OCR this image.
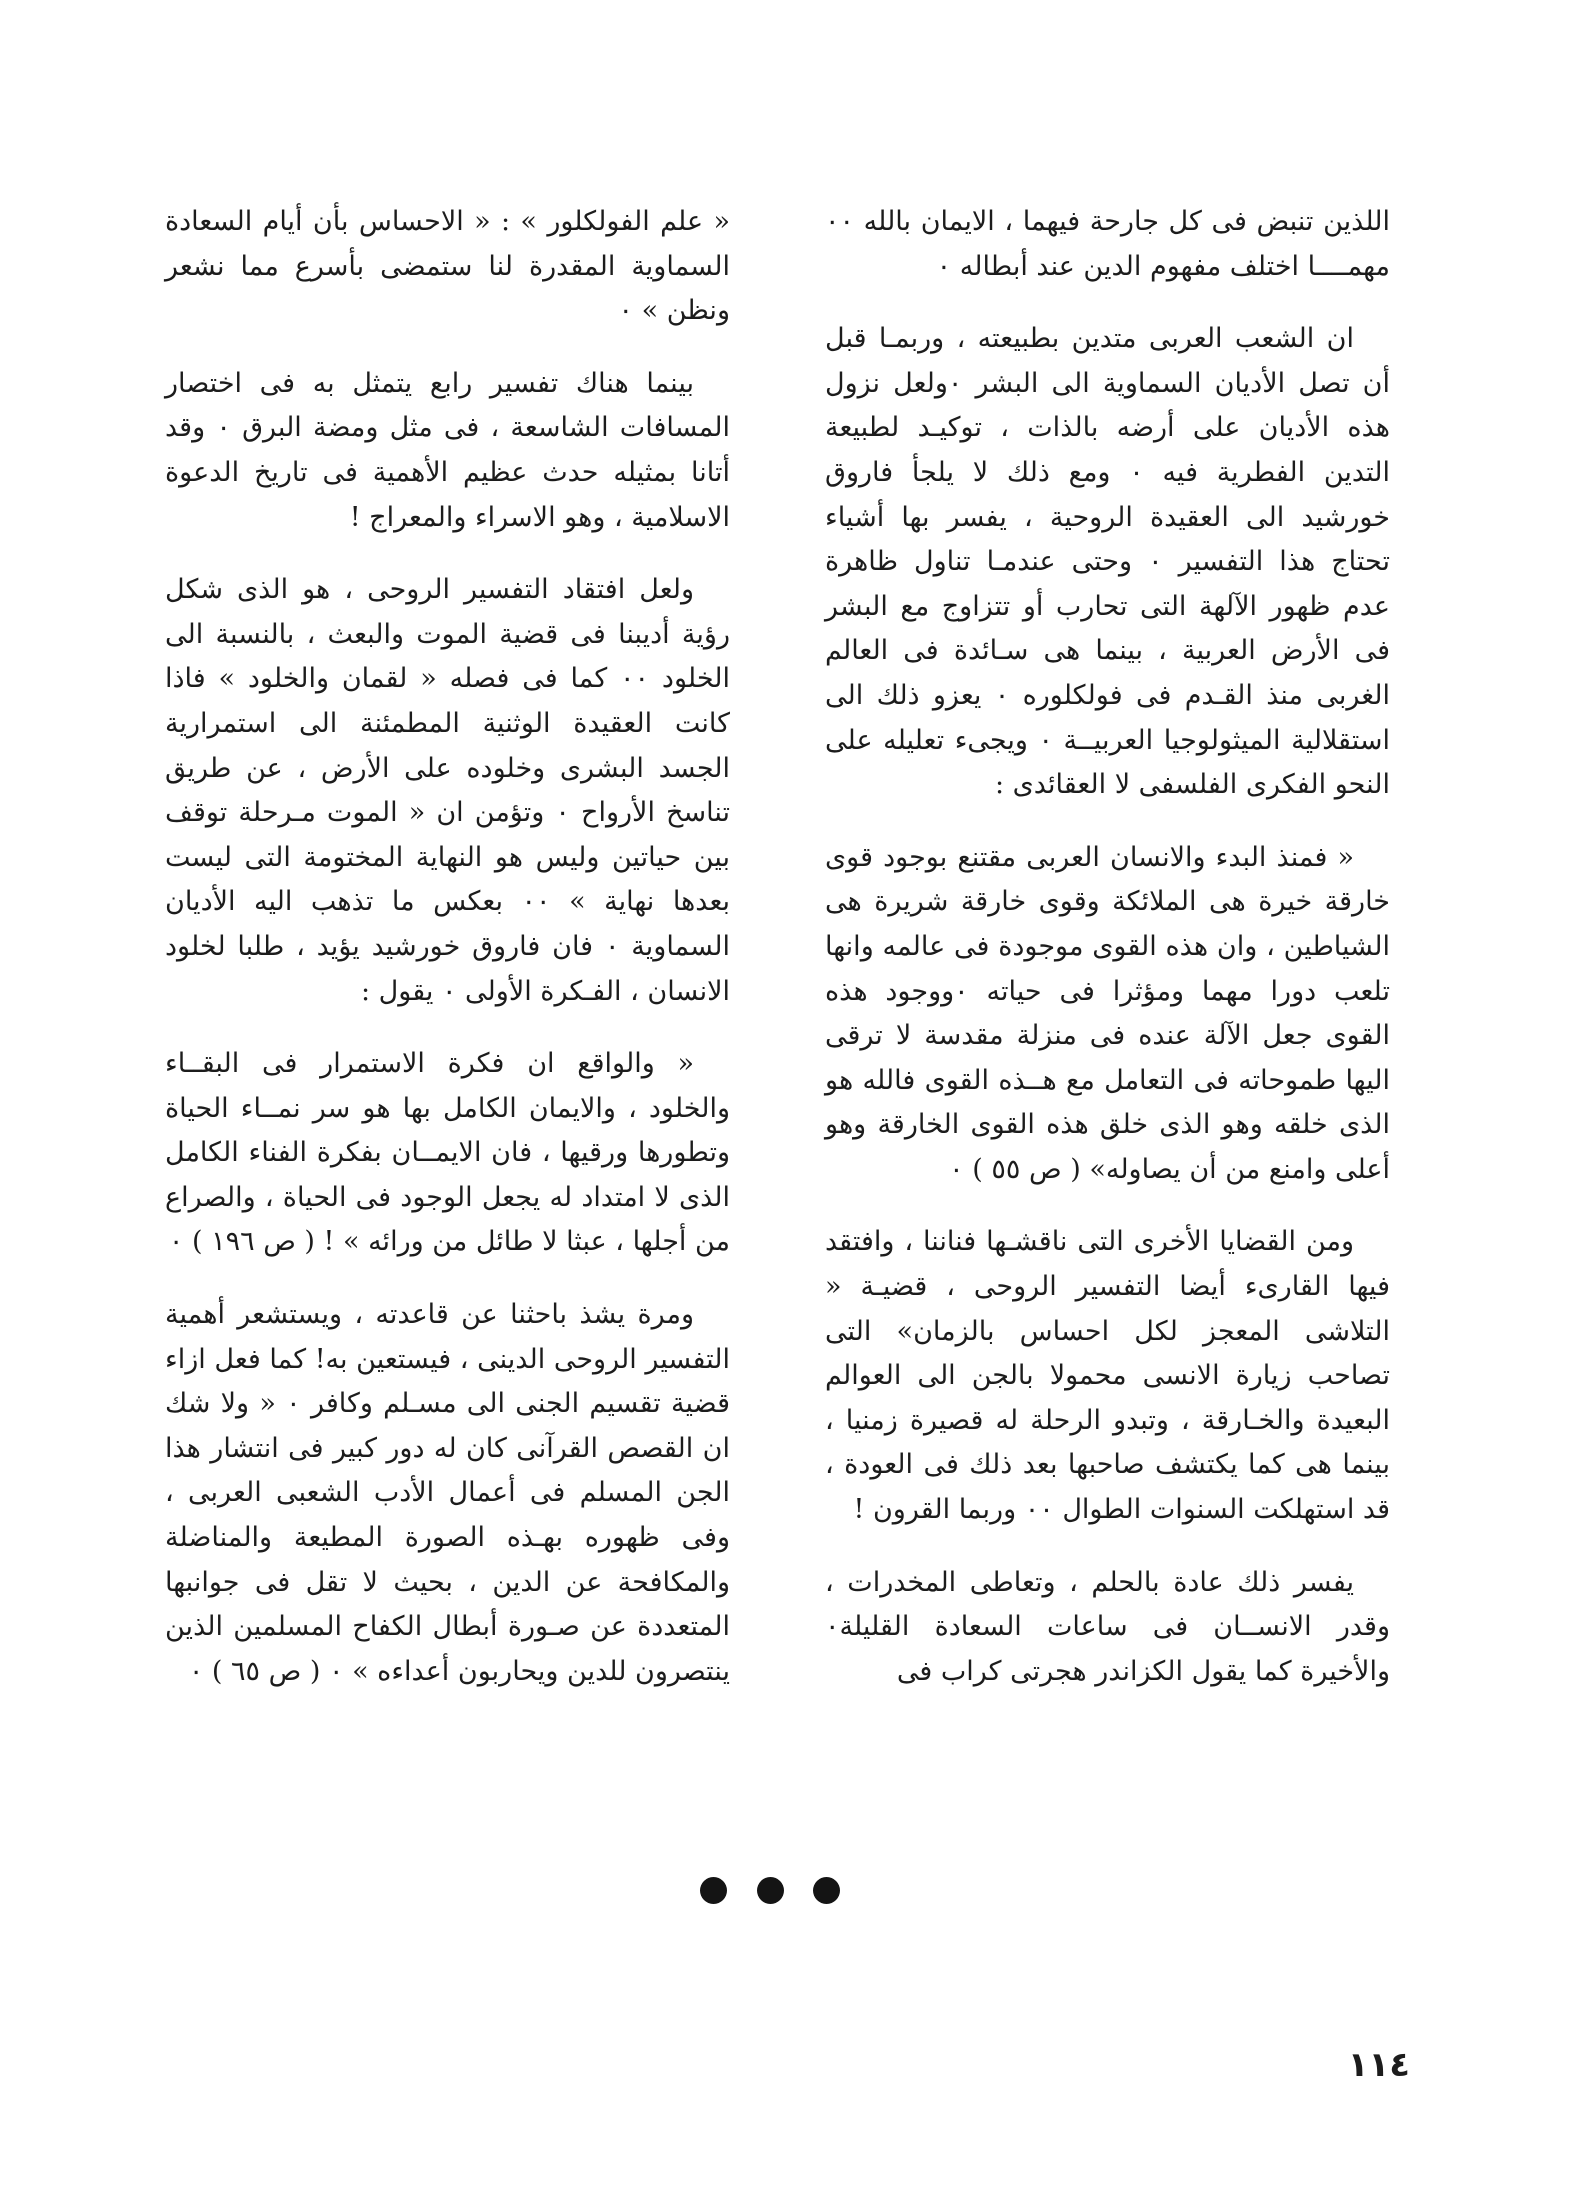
اللذين تنبض فى كل جارحة فيهما ، الايمان بالله ٠٠ مهمــــا اختلف مفهوم الدين عند أبطاله ٠

ان الشعب العربى متدين بطبيعته ، وربمـا قبل أن تصل الأديان السماوية الى البشر ٠ولعل نزول هذه الأديان على أرضه بالذات ، توكيـد لطبيعة التدين الفطرية فيه ٠ ومع ذلك لا يلجأ فاروق خورشيد الى العقيدة الروحية ، يفسر بها أشياء تحتاج هذا التفسير ٠ وحتى عندمـا تناول ظاهرة عدم ظهور الآلهة التى تحارب أو تتزاوج مع البشر فى الأرض العربية ، بينما هى سـائدة فى العالم الغربى منذ القـدم فى فولكلوره ٠ يعزو ذلك الى استقلالية الميثولوجيا العربيــة ٠ ويجىء تعليله على النحو الفكرى الفلسفى لا العقائدى :

« فمنذ البدء والانسان العربى مقتنع بوجود قوى خارقة خيرة هى الملائكة وقوى خارقة شريرة هى الشياطين ، وان هذه القوى موجودة فى عالمه وانها تلعب دورا مهما ومؤثرا فى حياته ٠ووجود هذه القوى جعل الآلة عنده فى منزلة مقدسة لا ترقى اليها طموحاته فى التعامل مع هــذه القوى فالله هو الذى خلقه وهو الذى خلق هذه القوى الخارقة وهو أعلى وامنع من أن يصاوله» ( ص ٥٥ ) ٠

ومن القضايا الأخرى التى ناقشـها فناننا ، وافتقد فيها القارىء أيضا التفسير الروحى ، قضيـة « التلاشى المعجز لكل احساس بالزمان» التى تصاحب زيارة الانسى محمولا بالجن الى العوالم البعيدة والخـارقة ، وتبدو الرحلة له قصيرة زمنيا ، بينما هى كما يكتشف صاحبها بعد ذلك فى العودة ، قد استهلكت السنوات الطوال ٠٠ وربما القرون !

يفسر ذلك عادة بالحلم ، وتعاطى المخدرات ، وقدر الانســان فى ساعات السعادة القليلة٠ والأخيرة كما يقول الكزاندر هجرتى كراب فى

« علم الفولكلور » : « الاحساس بأن أيام السعادة السماوية المقدرة لنا ستمضى بأسرع مما نشعر ونظن » ٠

بينما هناك تفسير رابع يتمثل به فى اختصار المسافات الشاسعة ، فى مثل ومضة البرق ٠ وقد أتانا بمثيله حدث عظيم الأهمية فى تاريخ الدعوة الاسلامية ، وهو الاسراء والمعراج !

ولعل افتقاد التفسير الروحى ، هو الذى شكل رؤية أديبنا فى قضية الموت والبعث ، بالنسبة الى الخلود ٠٠ كما فى فصله « لقمان والخلود » فاذا كانت العقيدة الوثنية المطمئنة الى استمرارية الجسد البشرى وخلوده على الأرض ، عن طريق تناسخ الأرواح ٠ وتؤمن ان « الموت مـرحلة توقف بين حياتين وليس هو النهاية المختومة التى ليست بعدها نهاية » ٠٠ بعكس ما تذهب اليه الأديان السماوية ٠ فان فاروق خورشيد يؤيد ، طلبا لخلود الانسان ، الفـكرة الأولى ٠ يقول :

« والواقع ان فكرة الاستمرار فى البقــاء والخلود ، والايمان الكامل بها هو سر نمــاء الحياة وتطورها ورقيها ، فان الايمــان بفكرة الفناء الكامل الذى لا امتداد له يجعل الوجود فى الحياة ، والصراع من أجلها ، عبثا لا طائل من ورائه » ! ( ص ١٩٦ ) ٠

ومرة يشذ باحثنا عن قاعدته ، ويستشعر أهمية التفسير الروحى الدينى ، فيستعين به! كما فعل ازاء قضية تقسيم الجنى الى مسـلم وكافر ٠ « ولا شك ان القصص القرآنى كان له دور كبير فى انتشار هذا الجن المسلم فى أعمال الأدب الشعبى العربى ، وفى ظهوره بهـذه الصورة المطيعة والمناضلة والمكافحة عن الدين ، بحيث لا تقل فى جوانبها المتعددة عن صـورة أبطال الكفاح المسلمين الذين ينتصرون للدين ويحاربون أعداءه » ٠ ( ص ٦٥ ) ٠

١١٤
